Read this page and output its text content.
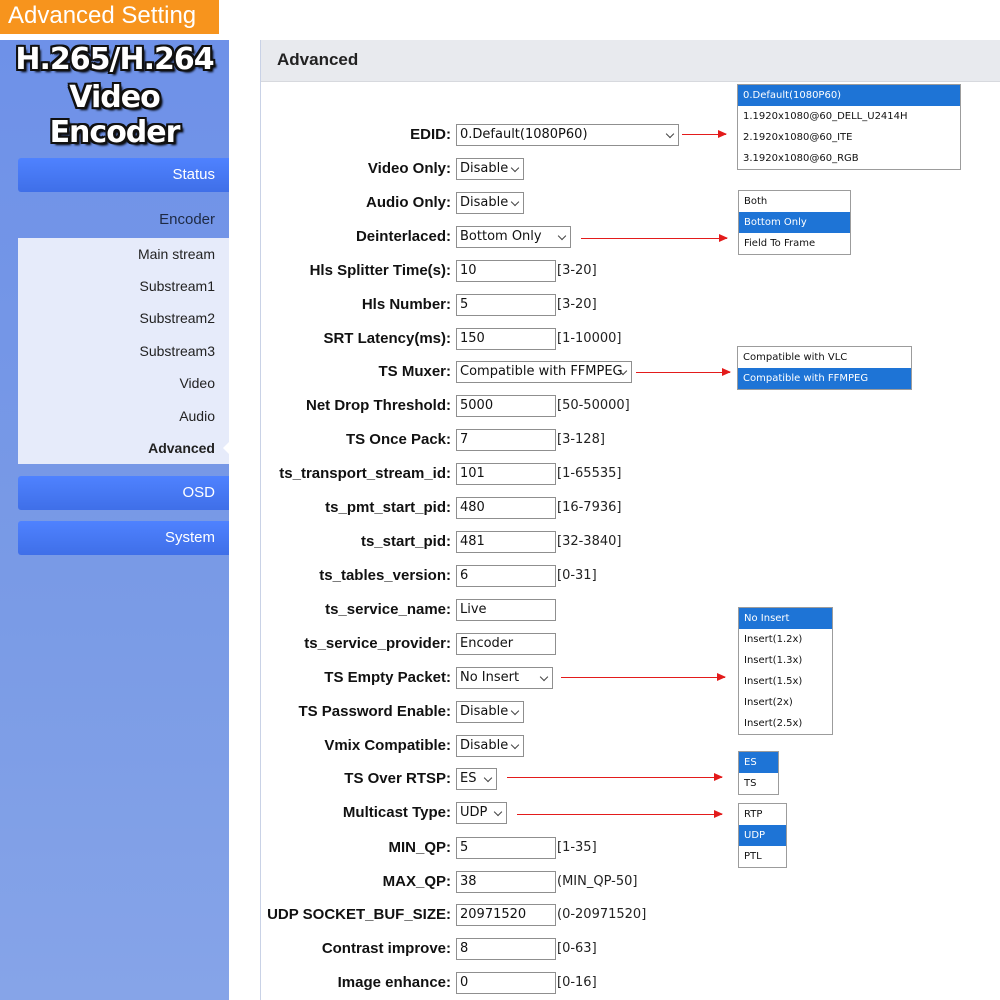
Advanced Setting
H.265/H.264
Video Encoder
Status
Encoder
Main stream
Substream1
Substream2
Substream3
Video
Audio
Advanced
OSD
System
Advanced
EDID: 0.Default(1080P60)
Video Only: Disable
Audio Only: Disable
Deinterlaced: Bottom Only
Hls Splitter Time(s): 10	[3-20]
Hls Number: 5	[3-20]
SRT Latency(ms): 150	[1-10000]
TS Muxer: Compatible with FFMPEG
Net Drop Threshold: 5000	[50-50000]
TS Once Pack: 7	[3-128]
ts_transport_stream_id: 101	[1-65535]
ts_pmt_start_pid: 480	[16-7936]
ts_start_pid: 481	[32-3840]
ts_tables_version: 6	[0-31]
ts_service_name: Live
ts_service_provider: Encoder
TS Empty Packet: No Insert
TS Password Enable: Disable
Vmix Compatible: Disable
TS Over RTSP: ES
Multicast Type: UDP
MIN_QP: 5	[1-35]
MAX_QP: 38	(MIN_QP-50]
UDP SOCKET_BUF_SIZE: 20971520	(0-20971520]
Contrast improve: 8	[0-63]
Image enhance: 0	[0-16]
0.Default(1080P60)
1.1920x1080@60_DELL_U2414H
2.1920x1080@60_ITE
3.1920x1080@60_RGB
Both
Bottom Only
Field To Frame
Compatible with VLC
Compatible with FFMPEG
No Insert
Insert(1.2x)
Insert(1.3x)
Insert(1.5x)
Insert(2x)
Insert(2.5x)
ES
TS
RTP
UDP
PTL
